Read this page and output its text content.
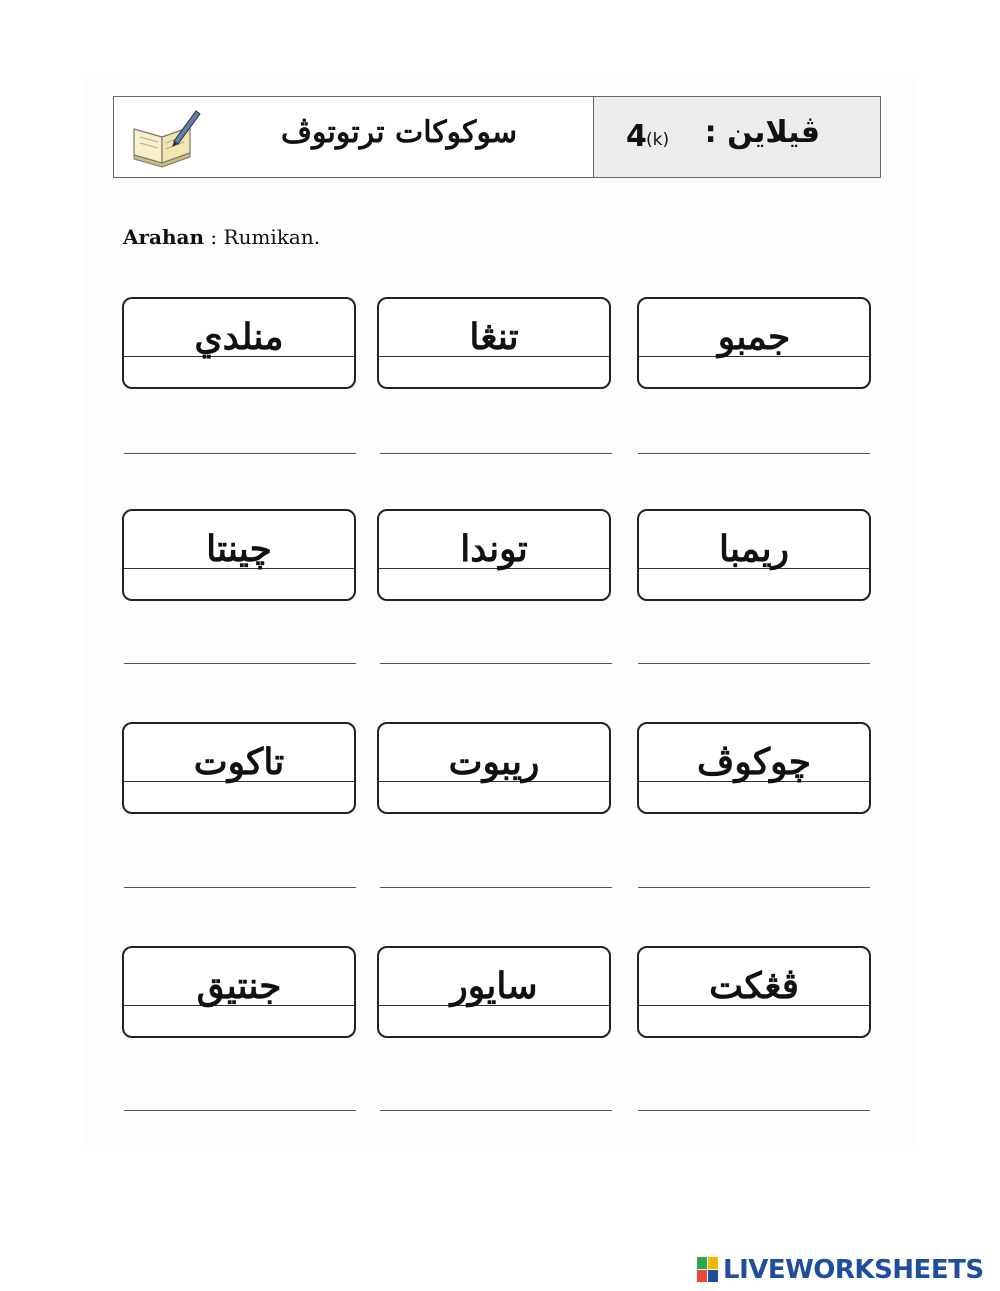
سوكوكات ترتوتوڤ	ڤيلاين :
4 (k)
Arahan : Rumikan.
منلدي	تنڠا	جمبو
چينتا	توندا	ريمبا
تاكوت	ريبوت	چوكوڤ
جنتيق	سايور	ڤڠكت
LIVEWORKSHEETS
